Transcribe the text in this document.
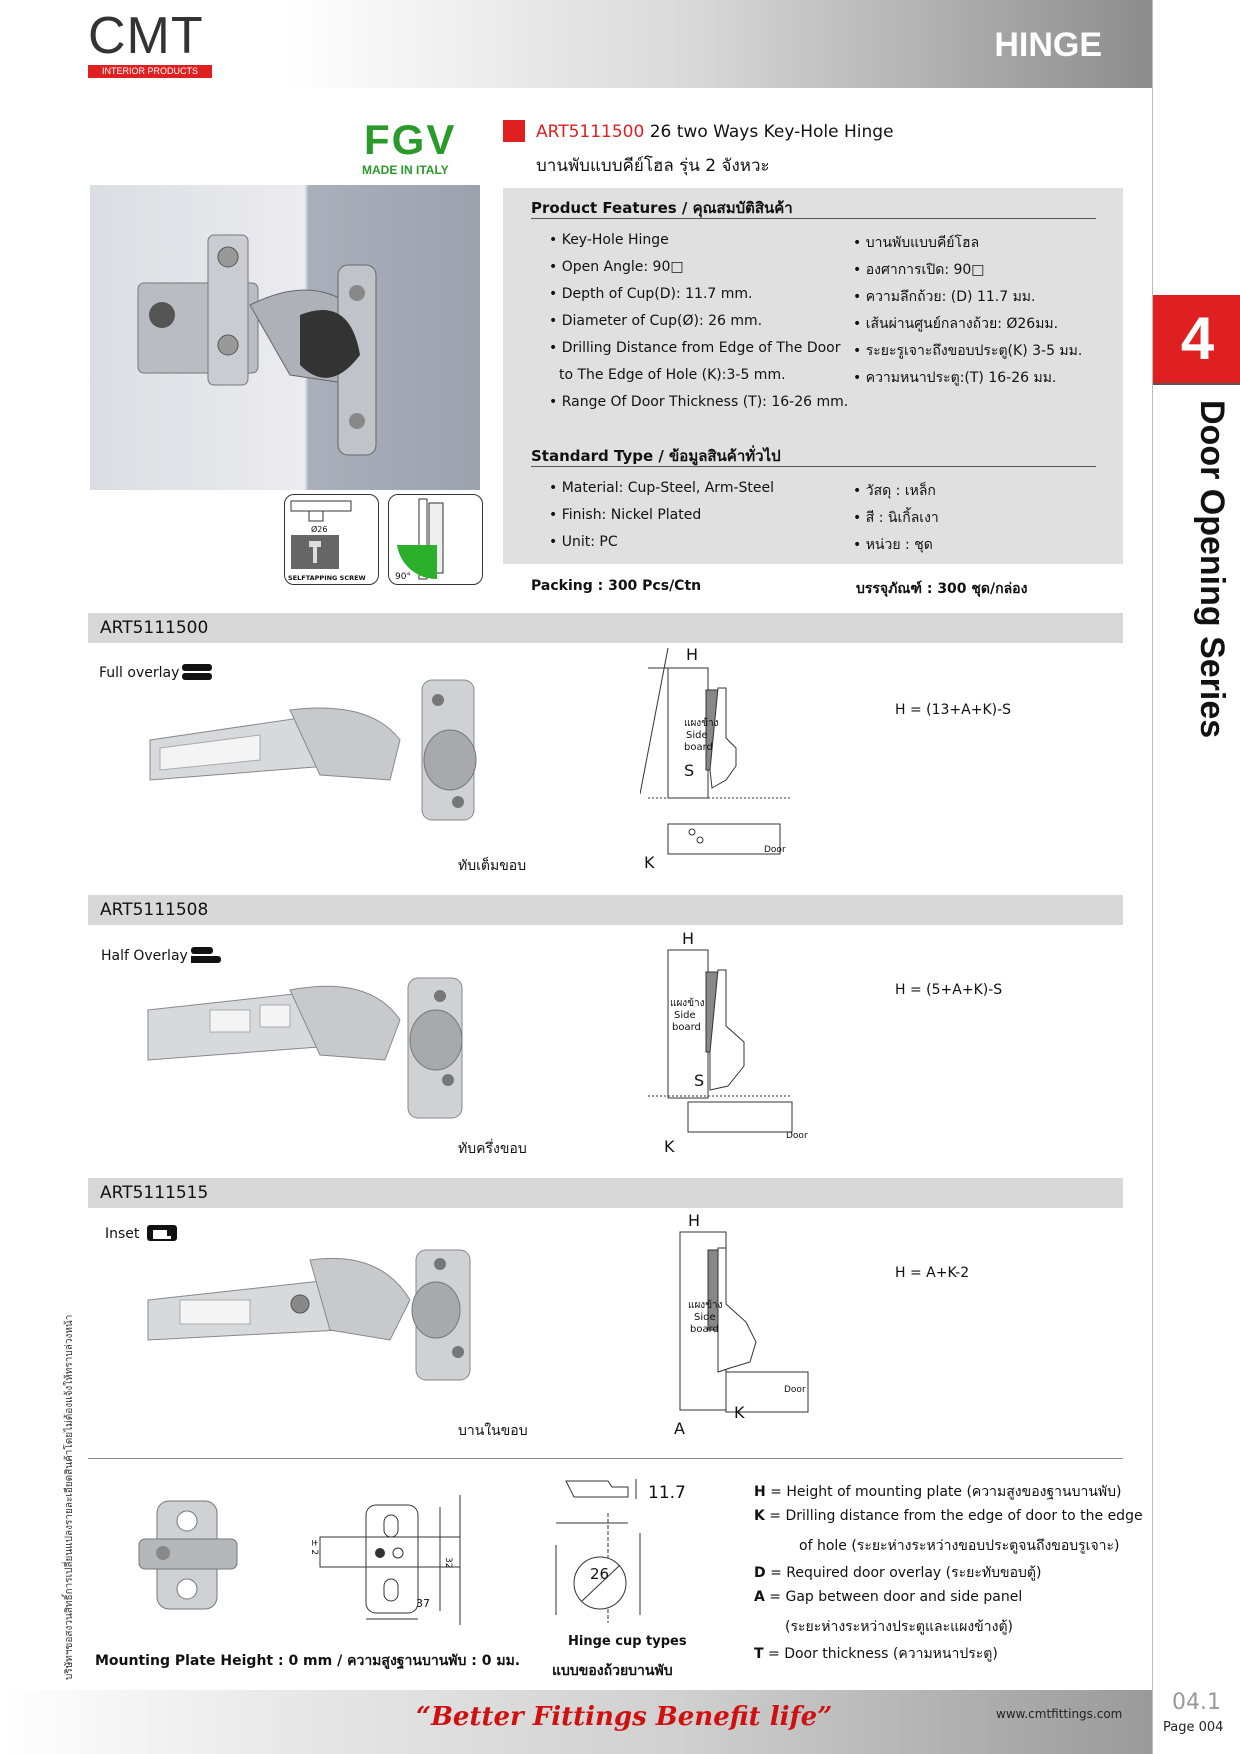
CMT
INTERIOR PRODUCTS
HINGE
4
Door Opening Series
FGV
MADE IN ITALY
ART5111500 26 two Ways Key-Hole Hinge
บานพับแบบคีย์โฮล รุ่น 2 จังหวะ
Ø26
SELFTAPPING SCREW	90°
Product Features / คุณสมบัติสินค้า
• Key-Hole Hinge
• Open Angle: 90□
• Depth of Cup(D): 11.7 mm.
• Diameter of Cup(Ø): 26 mm.
• Drilling Distance from Edge of The Door
to The Edge of Hole (K):3-5 mm.
• Range Of Door Thickness (T): 16-26 mm.
• บานพับแบบคีย์โฮล
• องศาการเปิด: 90□
• ความลึกถ้วย: (D) 11.7 มม.
• เส้นผ่านศูนย์กลางถ้วย: Ø26มม.
• ระยะรูเจาะถึงขอบประตู(K) 3-5 มม.
• ความหนาประตู:(T) 16-26 มม.
Standard Type / ข้อมูลสินค้าทั่วไป
• Material: Cup-Steel, Arm-Steel
• Finish: Nickel Plated
• Unit: PC
• วัสดุ : เหล็ก
• สี : นิเกิ้ลเงา
• หน่วย : ชุด
Packing : 300 Pcs/Ctn	บรรจุภัณฑ์ : 300 ชุด/กล่อง
ART5111500
Full overlay
ทับเต็มขอบ
H
แผงข้าง
Side
board
S
K
Door
H = (13+A+K)-S
ART5111508
Half Overlay
ทับครึ่งขอบ
H
แผงข้าง
Side
board
S
K
Door
H = (5+A+K)-S
ART5111515
Inset
บานในขอบ
H
แผงข้าง
Side
board
Door
A
K
H = A+K-2
32
37
± 2
Mounting Plate Height : 0 mm / ความสูงฐานบานพับ : 0 มม.
11.7
26
Hinge cup types
แบบของถ้วยบานพับ
H = Height of mounting plate (ความสูงของฐานบานพับ)
K = Drilling distance from the edge of door to the edge
of hole (ระยะห่างระหว่างขอบประตูจนถึงขอบรูเจาะ)
D = Required door overlay (ระยะทับขอบตู้)
A = Gap between door and side panel
(ระยะห่างระหว่างประตูและแผงข้างตู้)
T = Door thickness (ความหนาประตู)
บริษัทฯขอสงวนสิทธิ์การเปลี่ยนแปลงรายละเอียดสินค้าโดยไม่ต้องแจ้งให้ทราบล่วงหน้า
“Better Fittings Benefit life”	www.cmtfittings.com 04.1
Page 004
